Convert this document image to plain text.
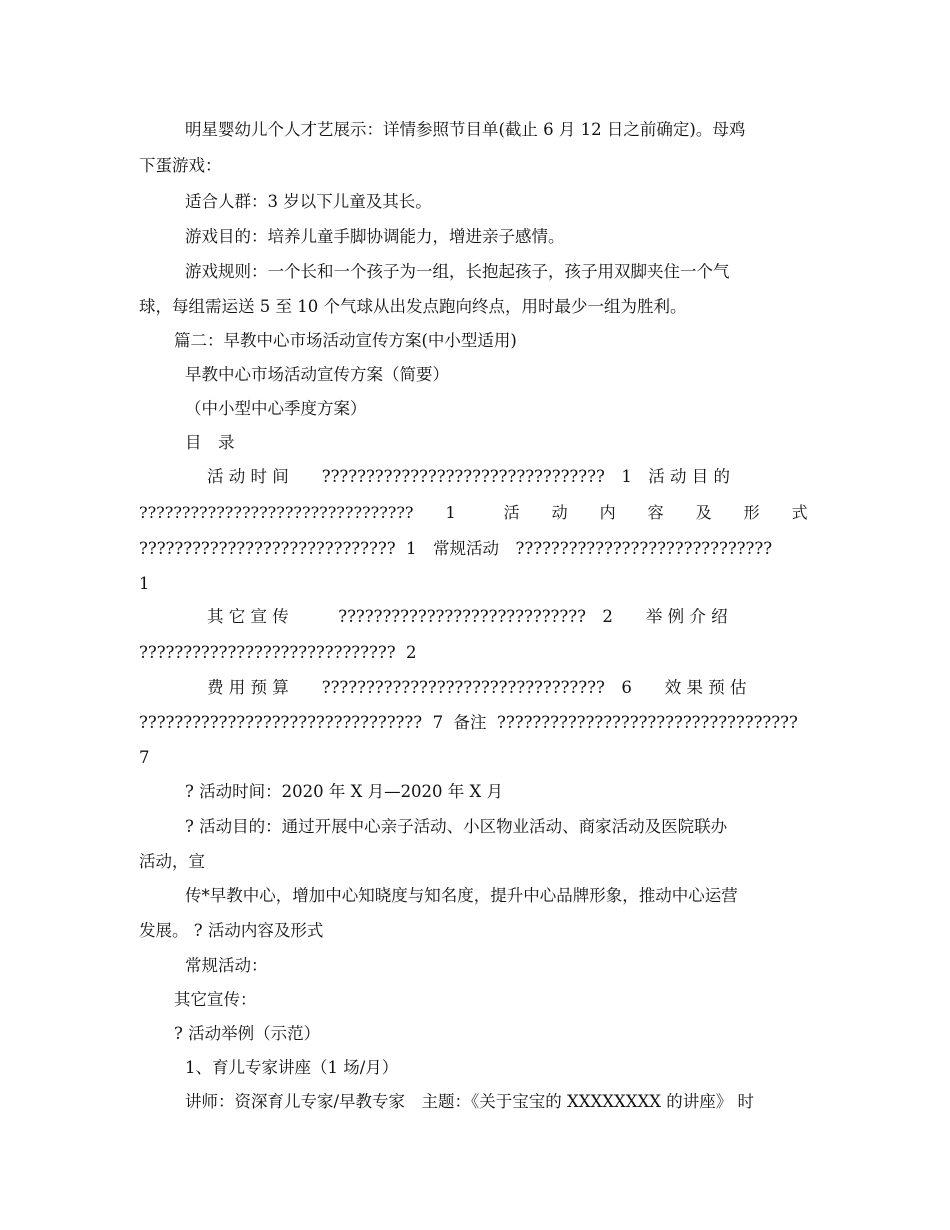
明星婴幼儿个人才艺展示：详情参照节目单(截止 6 月 12 日之前确定)。母鸡
下蛋游戏：
适合人群：3 岁以下儿童及其长。
游戏目的：培养儿童手脚协调能力，增进亲子感情。
游戏规则：一个长和一个孩子为一组，长抱起孩子，孩子用双脚夹住一个气
球，每组需运送 5 至 10 个气球从出发点跑向终点，用时最少一组为胜利。
篇二：早教中心市场活动宣传方案(中小型适用)
早教中心市场活动宣传方案（简要）
（中小型中心季度方案）
目　录
活 动 时 间　　????????????????????????????????　1　活 动 目 的
????????????????????????????????　　1　　　活　　动　　内　　容　　及　　形　　式
?????????????????????????????  1　常规活动　?????????????????????????????
1
其 它 宣 传　　　????????????????????????????　2　　举 例 介 绍
?????????????????????????????  2
费 用 预 算　　????????????????????????????????　6　　效 果 预 估
????????????????????????????????  7  备注  ??????????????????????????????????
7
? 活动时间：2020 年 X 月—2020 年 X 月
? 活动目的：通过开展中心亲子活动、小区物业活动、商家活动及医院联办
活动，宣
传*早教中心，增加中心知晓度与知名度，提升中心品牌形象，推动中心运营
发展。 ? 活动内容及形式
常规活动：
其它宣传：
? 活动举例（示范）
1、育儿专家讲座（1 场/月）
讲师：资深育儿专家/早教专家　主题：《关于宝宝的 XXXXXXXX 的讲座》 时
